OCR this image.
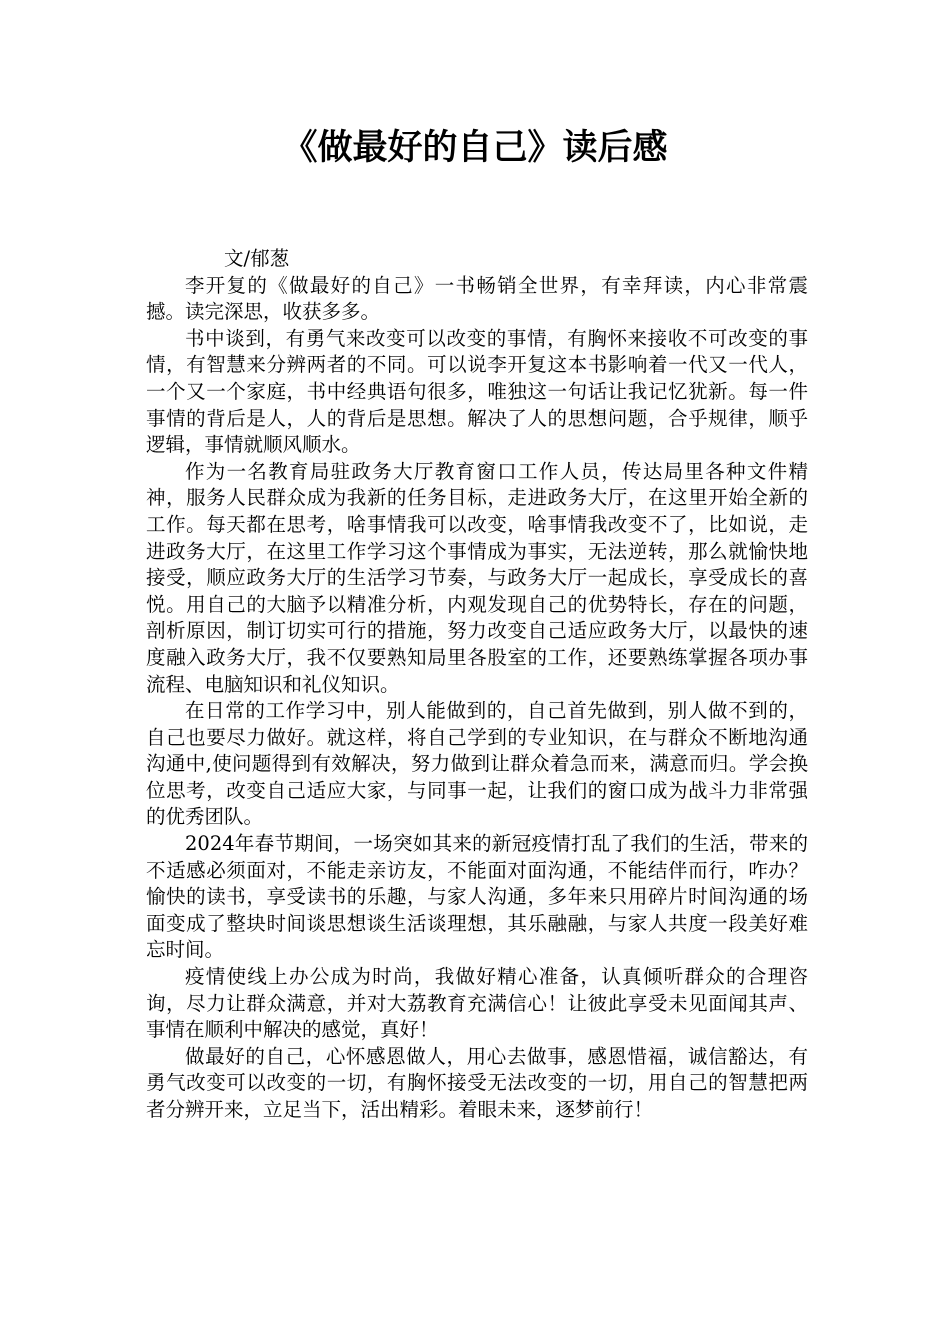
《做最好的自己》读后感

文/郁葱

李开复的《做最好的自己》一书畅销全世界，有幸拜读，内心非常震撼。读完深思，收获多多。

书中谈到，有勇气来改变可以改变的事情，有胸怀来接收不可改变的事情，有智慧来分辨两者的不同。可以说李开复这本书影响着一代又一代人，一个又一个家庭，书中经典语句很多，唯独这一句话让我记忆犹新。每一件事情的背后是人，人的背后是思想。解决了人的思想问题，合乎规律，顺乎逻辑，事情就顺风顺水。

作为一名教育局驻政务大厅教育窗口工作人员，传达局里各种文件精神，服务人民群众成为我新的任务目标，走进政务大厅，在这里开始全新的工作。每天都在思考，啥事情我可以改变，啥事情我改变不了，比如说，走进政务大厅，在这里工作学习这个事情成为事实，无法逆转，那么就愉快地接受，顺应政务大厅的生活学习节奏，与政务大厅一起成长，享受成长的喜悦。用自己的大脑予以精准分析，内观发现自己的优势特长，存在的问题，剖析原因，制订切实可行的措施，努力改变自己适应政务大厅，以最快的速度融入政务大厅，我不仅要熟知局里各股室的工作，还要熟练掌握各项办事流程、电脑知识和礼仪知识。

在日常的工作学习中，别人能做到的，自己首先做到，别人做不到的，自己也要尽力做好。就这样，将自己学到的专业知识，在与群众不断地沟通沟通中,使问题得到有效解决，努力做到让群众着急而来，满意而归。学会换位思考，改变自己适应大家，与同事一起，让我们的窗口成为战斗力非常强的优秀团队。

2024年春节期间，一场突如其来的新冠疫情打乱了我们的生活，带来的不适感必须面对，不能走亲访友，不能面对面沟通，不能结伴而行，咋办？愉快的读书，享受读书的乐趣，与家人沟通，多年来只用碎片时间沟通的场面变成了整块时间谈思想谈生活谈理想，其乐融融，与家人共度一段美好难忘时间。

疫情使线上办公成为时尚，我做好精心准备，认真倾听群众的合理咨询，尽力让群众满意，并对大荔教育充满信心！让彼此享受未见面闻其声、事情在顺利中解决的感觉，真好！

做最好的自己，心怀感恩做人，用心去做事，感恩惜福，诚信豁达，有勇气改变可以改变的一切，有胸怀接受无法改变的一切，用自己的智慧把两者分辨开来，立足当下，活出精彩。着眼未来，逐梦前行！
